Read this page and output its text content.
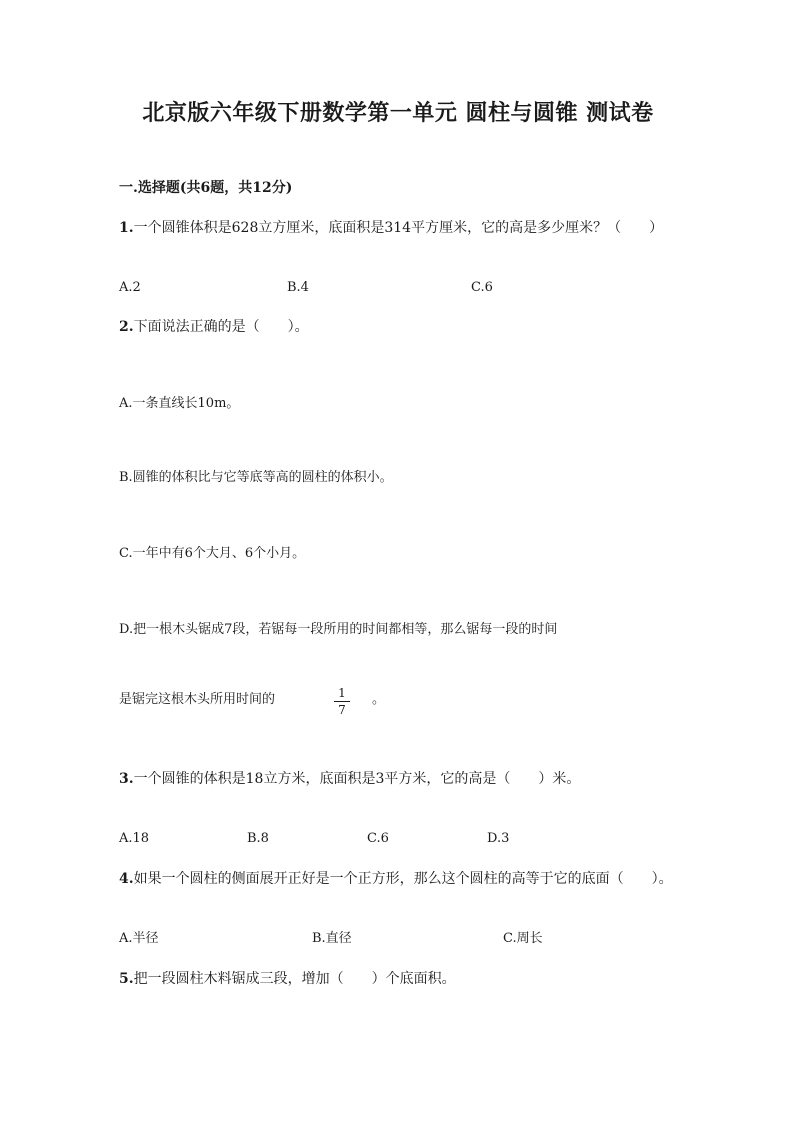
北京版六年级下册数学第一单元 圆柱与圆锥 测试卷
一.选择题(共6题，共12分)
1.一个圆锥体积是628立方厘米，底面积是314平方厘米，它的高是多少厘米？（　　）
A.2	B.4	C.6
2.下面说法正确的是（　　）。
A.一条直线长10m。
B.圆锥的体积比与它等底等高的圆柱的体积小。
C.一年中有6个大月、6个小月。
D.把一根木头锯成7段，若锯每一段所用的时间都相等，那么锯每一段的时间
是锯完这根木头所用时间的	1
7
。
3.一个圆锥的体积是18立方米，底面积是3平方米，它的高是（　　）米。
A.18	B.8	C.6	D.3
4.如果一个圆柱的侧面展开正好是一个正方形，那么这个圆柱的高等于它的底面（　　）。
A.半径	B.直径	C.周长
5.把一段圆柱木料锯成三段，增加（　　）个底面积。
